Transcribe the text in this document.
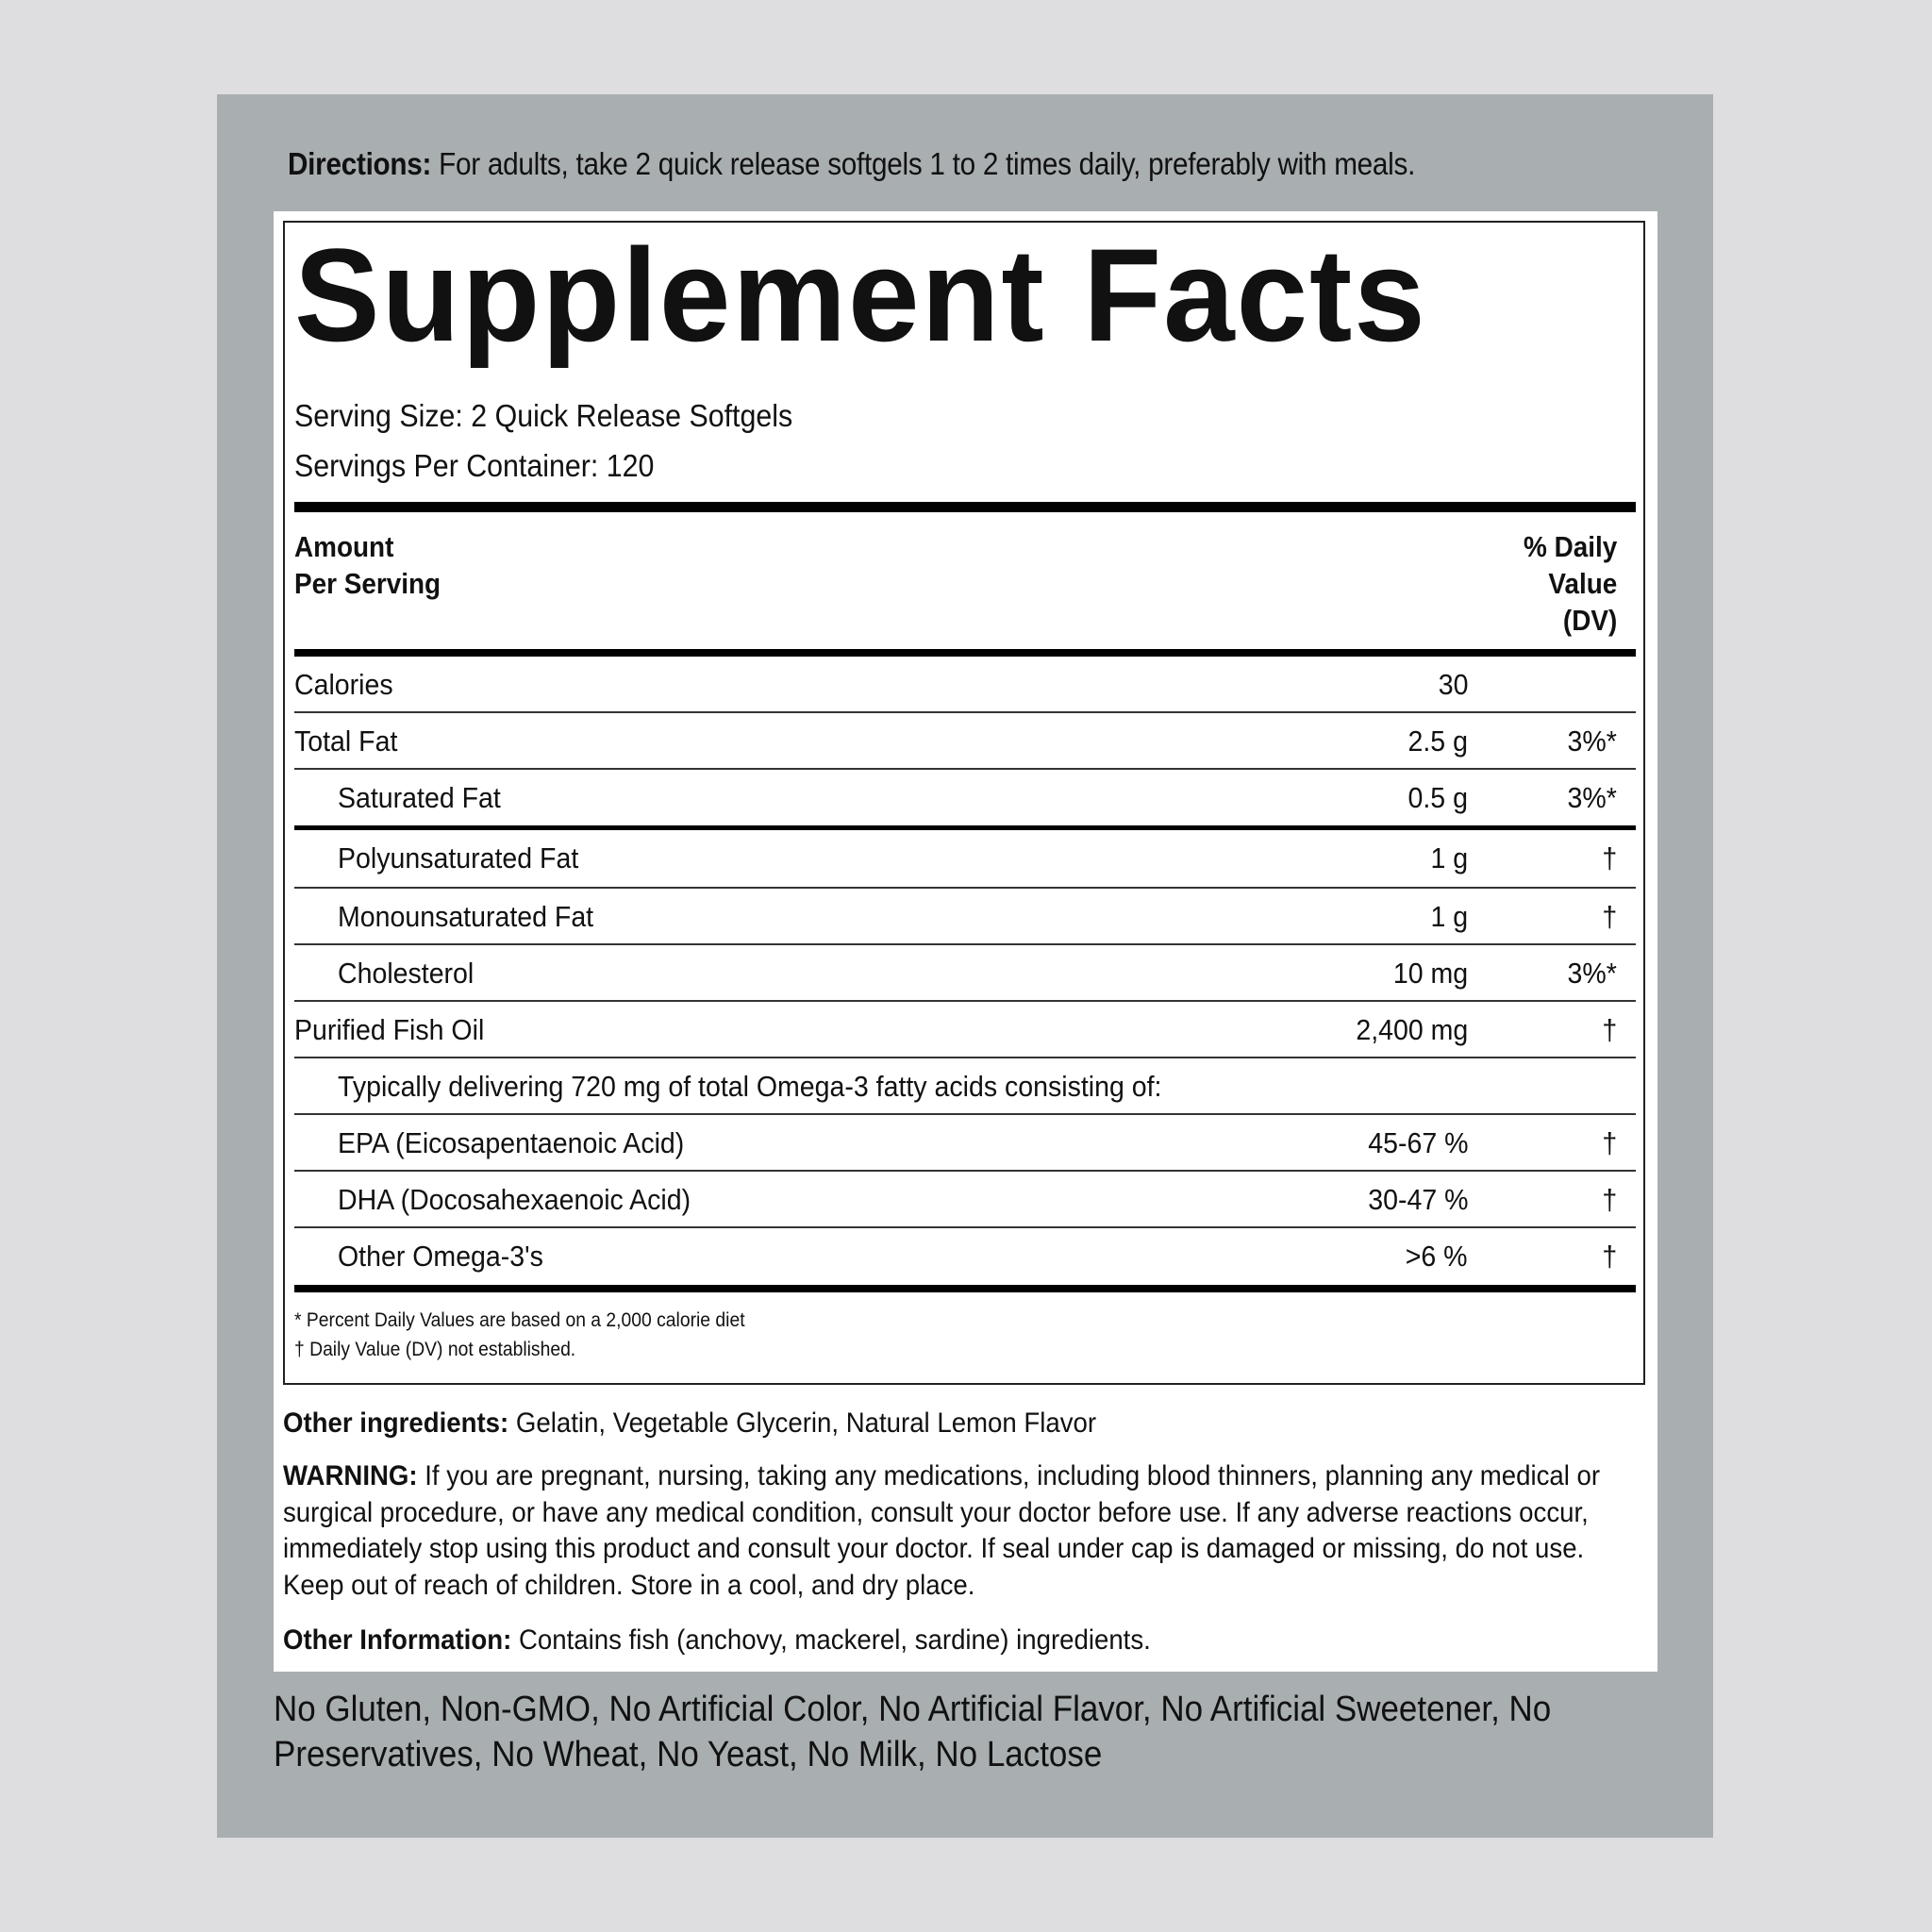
Directions: For adults, take 2 quick release softgels 1 to 2 times daily, preferably with meals.
Supplement Facts
Serving Size: 2 Quick Release Softgels
Servings Per Container: 120
Amount
Per Serving
% Daily
Value
(DV)
Calories	30
Total Fat	2.5 g	3%*
Saturated Fat	0.5 g	3%*
Polyunsaturated Fat	1 g	†
Monounsaturated Fat	1 g	†
Cholesterol	10 mg	3%*
Purified Fish Oil	2,400 mg	†
Typically delivering 720 mg of total Omega-3 fatty acids consisting of:
EPA (Eicosapentaenoic Acid)	45-67 %	†
DHA (Docosahexaenoic Acid)	30-47 %	†
Other Omega-3's	>6 %	†
* Percent Daily Values are based on a 2,000 calorie diet
† Daily Value (DV) not established.
Other ingredients: Gelatin, Vegetable Glycerin, Natural Lemon Flavor
WARNING: If you are pregnant, nursing, taking any medications, including blood thinners, planning any medical or surgical procedure, or have any medical condition, consult your doctor before use. If any adverse reactions occur, immediately stop using this product and consult your doctor. If seal under cap is damaged or missing, do not use. Keep out of reach of children. Store in a cool, and dry place.
Other Information: Contains fish (anchovy, mackerel, sardine) ingredients.
No Gluten, Non-GMO, No Artificial Color, No Artificial Flavor, No Artificial Sweetener, No Preservatives, No Wheat, No Yeast, No Milk, No Lactose
